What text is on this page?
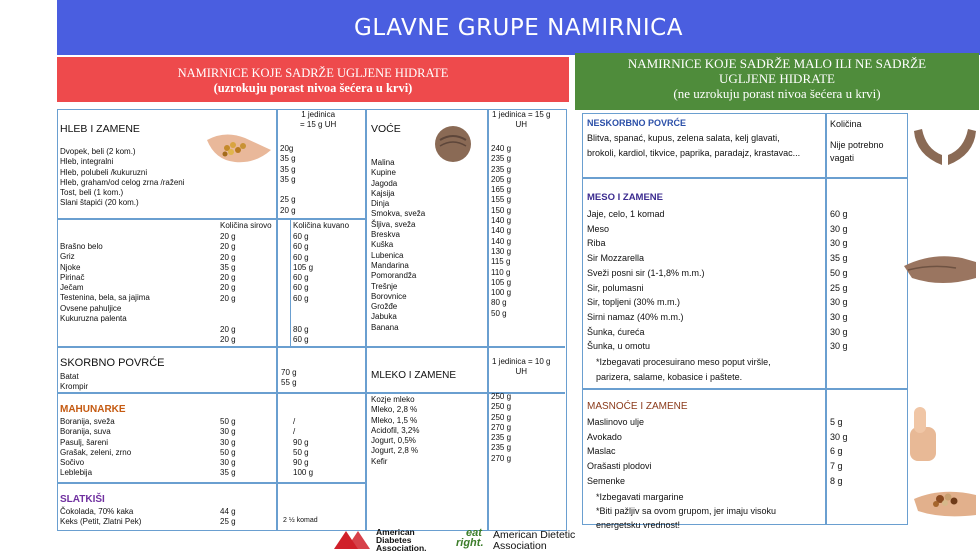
GLAVNE GRUPE NAMIRNICA
NAMIRNICE KOJE SADRŽE UGLJENE HIDRATE
(uzrokuju porast nivoa šećera u krvi)
NAMIRNICE KOJE SADRŽE MALO ILI NE SADRŽE
UGLJENE HIDRATE
(ne uzrokuju porast nivoa šećera u krvi)
HLEB I ZAMENE
1 jedinica
= 15 g UH
Dvopek, beli (2 kom.)
Hleb, integralni
Hleb, polubeli /kukuruzni
Hleb, graham/od celog zrna /raženi
Tost, beli (1 kom.)
Slani štapići (20 kom.)
20g
35 g
35 g
35 g

25 g
20 g
Količina sirovo	Količina kuvano
Brašno belo
Griz
Njoke
Pirinač
Ječam
Testenina, bela, sa jajima
Ovsene pahuljice
Kukuruzna palenta
20 g
20 g
20 g
35 g
20 g
20 g
20 g

20 g
20 g
60 g
60 g
60 g
105 g
60 g
60 g
60 g

80 g
60 g
SKORBNO POVRĆE
Batat
Krompir
70 g
55 g
MAHUNARKE
Boranija, sveža
Boranija, suva
Pasulj, šareni
Grašak, zeleni, zrno
Sočivo
Leblebija
50 g
30 g
30 g
50 g
30 g
35 g
/
/
90 g
50 g
90 g
100 g
SLATKIŠI
Čokolada, 70% kaka
Keks (Petit, Zlatni Pek)
44 g
25 g	2 ½ komad
VOĆE
1 jedinica = 15 g
UH
Malina
Kupine
Jagoda
Kajsija
Dinja
Smokva, sveža
Šljiva, sveža
Breskva
Kuška
Lubenica
Mandarina
Pomorandža
Trešnje
Borovnice
Grožđe
Jabuka
Banana
240 g
235 g
235 g
205 g
165 g
155 g
150 g
140 g
140 g
140 g
130 g
115 g
110 g
105 g
100 g
80 g
50 g
MLEKO I ZAMENE
1 jedinica = 10 g
UH
Kozje mleko
Mleko, 2,8 %
Mleko, 1,5 %
Acidofil, 3,2%
Jogurt, 0,5%
Jogurt, 2,8 %
Kefir
250 g
250 g
250 g
270 g
235 g
235 g
270 g
American
Diabetes
Association.
eat
right.
American Dietetic
Association
NESKORBNO POVRĆE
Blitva, spanać, kupus, zelena salata, kelj glavati,
brokoli, kardiol, tikvice, paprika, paradajz, krastavac...
Količina
Nije potrebno
vagati
MESO I ZAMENE
Jaje, celo, 1 komad
Meso
Riba
Sir Mozzarella
Sveži posni sir (1-1,8% m.m.)
Sir, polumasni
Sir, topljeni (30% m.m.)
Sirni namaz (40% m.m.)
Šunka, ćureća
Šunka, u omotu
60 g
30 g
30 g
35 g
50 g
25 g
30 g
30 g
30 g
30 g
*Izbegavati procesuirano meso poput viršle,
parizera, salame, kobasice i paštete.
MASNOĆE I ZAMENE
Maslinovo ulje
Avokado
Maslac
Orašasti plodovi
Semenke
5 g
30 g
6 g
7 g
8 g
*Izbegavati margarine
*Biti pažljiv sa ovom grupom, jer imaju visoku
energetsku vrednost!
